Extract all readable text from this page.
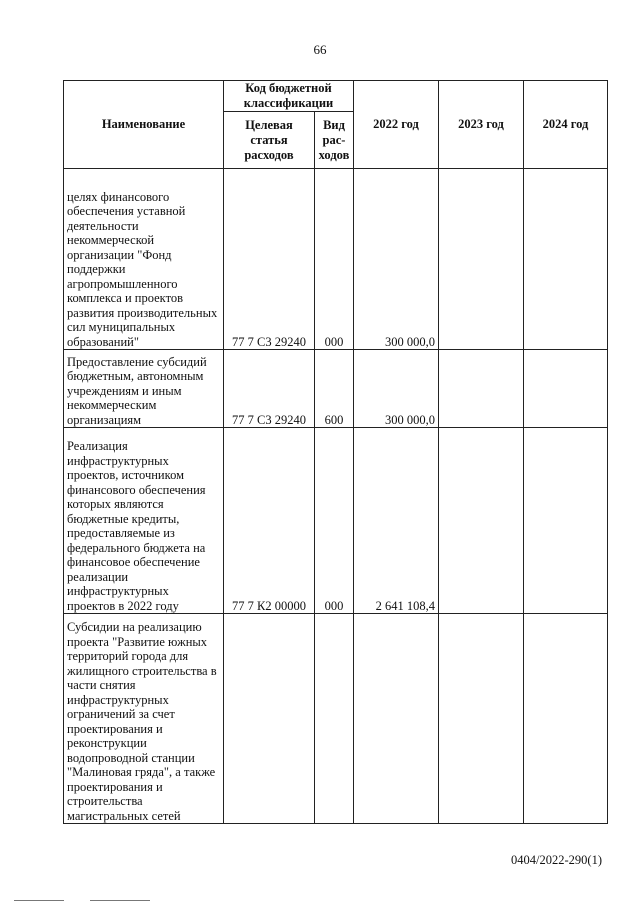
66
Наименование	Код бюджетной классификации		2022 год	2023 год	2024 год
	Целевая статья расходов	Вид рас-ходов			
целях финансового обеспечения уставной деятельности некоммерческой организации "Фонд поддержки агропромышленного комплекса и проектов развития производительных сил муниципальных образований"	77 7 С3 29240	000	300 000,0		
Предоставление субсидий бюджетным, автономным учреждениям и иным некоммерческим организациям	77 7 С3 29240	600	300 000,0		
Реализация инфраструктурных проектов, источником финансового обеспечения которых являются бюджетные кредиты, предоставляемые из федерального бюджета на финансовое обеспечение реализации инфраструктурных проектов в 2022 году	77 7 К2 00000	000	2 641 108,4		
Субсидии на реализацию проекта "Развитие южных территорий города для жилищного строительства в части снятия инфраструктурных ограничений за счет проектирования и реконструкции водопроводной станции "Малиновая гряда", а также проектирования и строительства магистральных сетей					
0404/2022-290(1)
